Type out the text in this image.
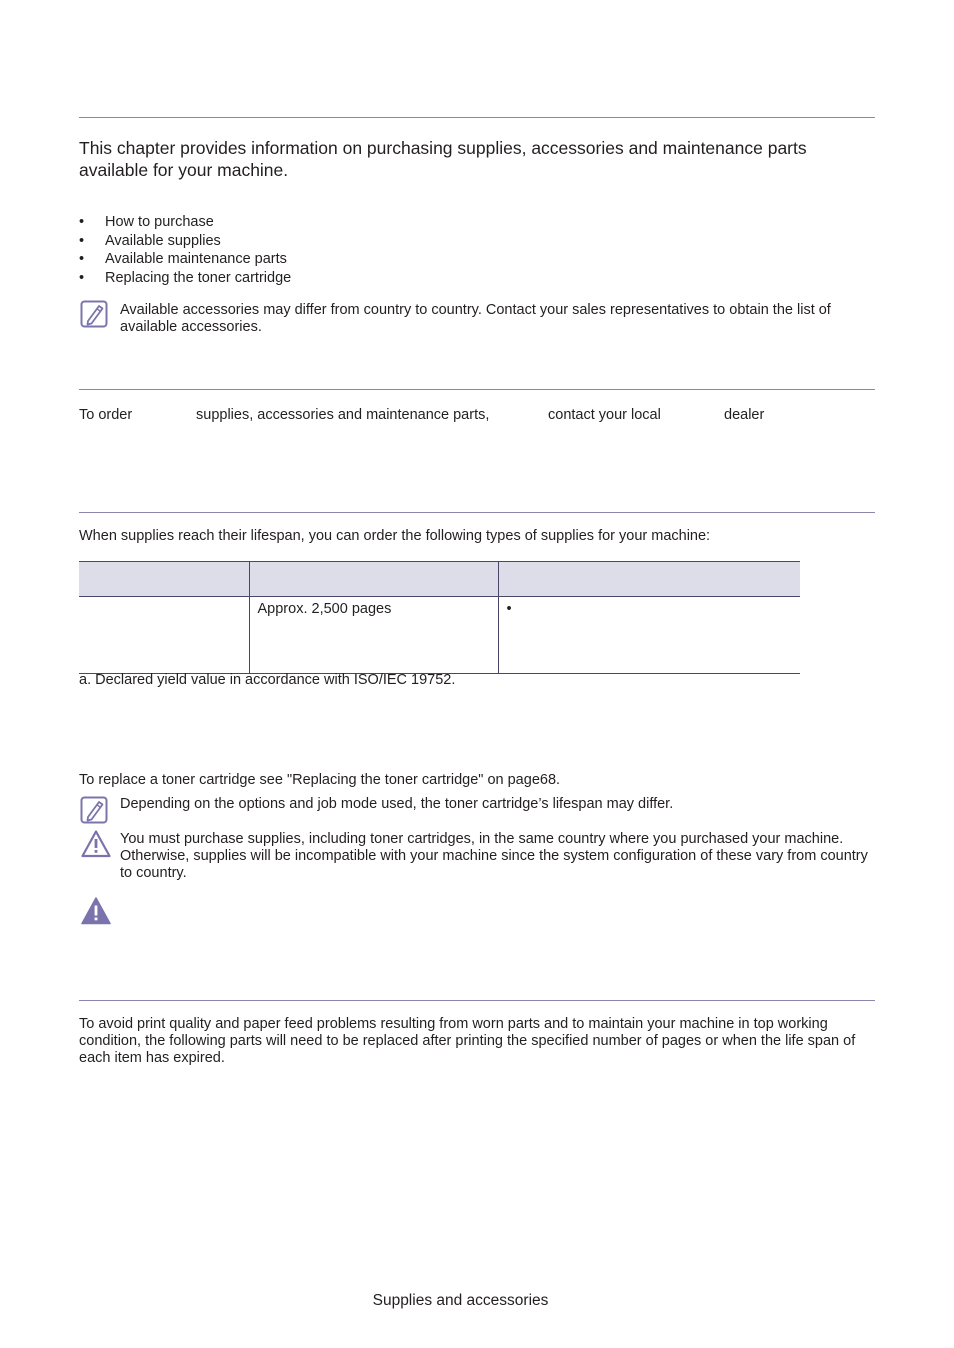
This chapter provides information on purchasing supplies, accessories and maintenance parts available for your machine.
• How to purchase
• Available supplies
• Available maintenance parts
• Replacing the toner cartridge
Available accessories may differ from country to country. Contact your sales representatives to obtain the list of available accessories.
To order	supplies, accessories and maintenance parts,	contact your local	dealer
When supplies reach their lifespan, you can order the following types of supplies for your machine:

	Approx. 2,500 pages	•
a. Declared yield value in accordance with ISO/IEC 19752.
To replace a toner cartridge see "Replacing the toner cartridge" on page68.
Depending on the options and job mode used, the toner cartridge’s lifespan may differ.
You must purchase supplies, including toner cartridges, in the same country where you purchased your machine. Otherwise, supplies will be incompatible with your machine since the system configuration of these vary from country to country.
To avoid print quality and paper feed problems resulting from worn parts and to maintain your machine in top working condition, the following parts will need to be replaced after printing the specified number of pages or when the life span of each item has expired.
Supplies and accessories
